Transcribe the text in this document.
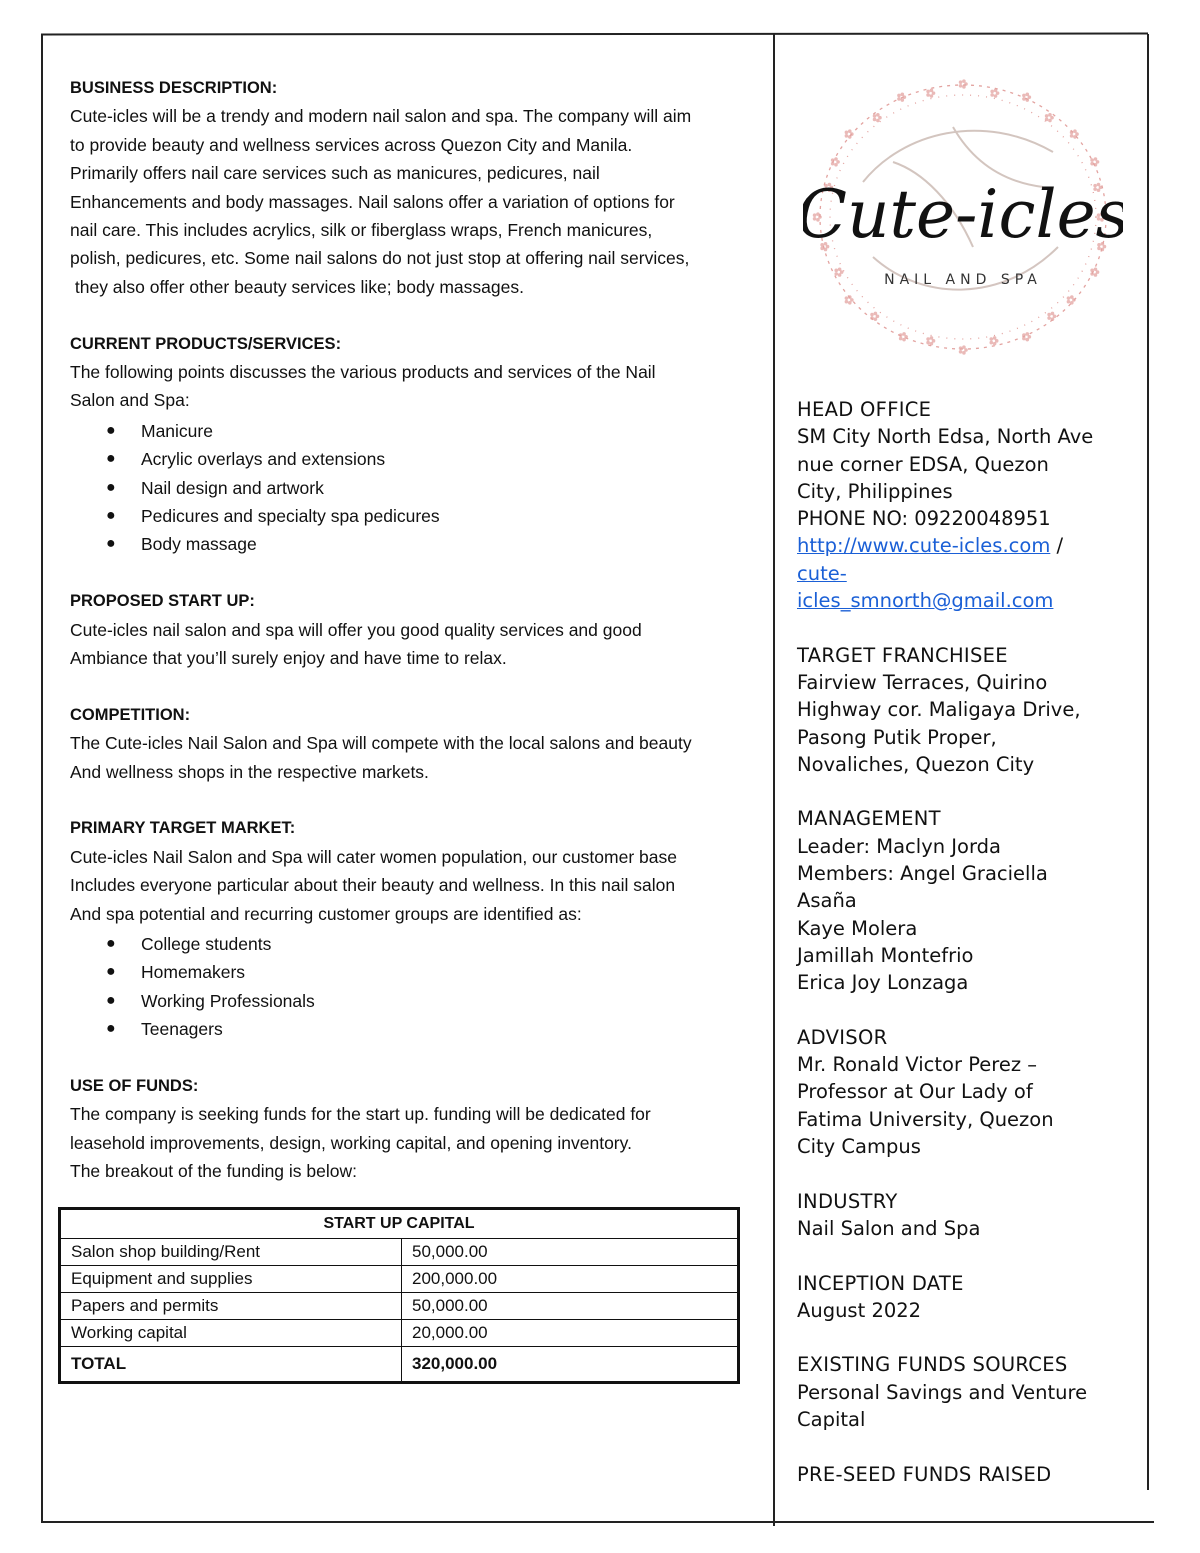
BUSINESS DESCRIPTION:

Cute-icles will be a trendy and modern nail salon and spa. The company will aim

to provide beauty and wellness services across Quezon City and Manila.

Primarily offers nail care services such as manicures, pedicures, nail

Enhancements and body massages. Nail salons offer a variation of options for

nail care. This includes acrylics, silk or fiberglass wraps, French manicures,

polish, pedicures, etc. Some nail salons do not just stop at offering nail services,

they also offer other beauty services like; body massages.

CURRENT PRODUCTS/SERVICES:

The following points discusses the various products and services of the Nail

Salon and Spa:

● Manicure
● Acrylic overlays and extensions
● Nail design and artwork
● Pedicures and specialty spa pedicures
● Body massage

PROPOSED START UP:

Cute-icles nail salon and spa will offer you good quality services and good

Ambiance that you’ll surely enjoy and have time to relax.

COMPETITION:

The Cute-icles Nail Salon and Spa will compete with the local salons and beauty

And wellness shops in the respective markets.

PRIMARY TARGET MARKET:

Cute-icles Nail Salon and Spa will cater women population, our customer base

Includes everyone particular about their beauty and wellness. In this nail salon

And spa potential and recurring customer groups are identified as:

● College students
● Homemakers
● Working Professionals
● Teenagers

USE OF FUNDS:

The company is seeking funds for the start up. funding will be dedicated for

leasehold improvements, design, working capital, and opening inventory.

The breakout of the funding is below:

START UP CAPITAL	
Salon shop building/Rent	50,000.00
Equipment and supplies	200,000.00
Papers and permits	50,000.00
Working capital	20,000.00
TOTAL	320,000.00
Cute-icles
NAIL AND SPA

HEAD OFFICE

SM City North Edsa, North Ave

nue corner EDSA, Quezon

City, Philippines

PHONE NO: 09220048951

http://www.cute-icles.com /

cute-

icles_smnorth@gmail.com

TARGET FRANCHISEE

Fairview Terraces, Quirino

Highway cor. Maligaya Drive,

Pasong Putik Proper,

Novaliches, Quezon City

MANAGEMENT

Leader: Maclyn Jorda

Members: Angel Graciella

Asaña

Kaye Molera

Jamillah Montefrio

Erica Joy Lonzaga

ADVISOR

Mr. Ronald Victor Perez –

Professor at Our Lady of

Fatima University, Quezon

City Campus

INDUSTRY

Nail Salon and Spa

INCEPTION DATE

August 2022

EXISTING FUNDS SOURCES

Personal Savings and Venture

Capital

PRE-SEED FUNDS RAISED
